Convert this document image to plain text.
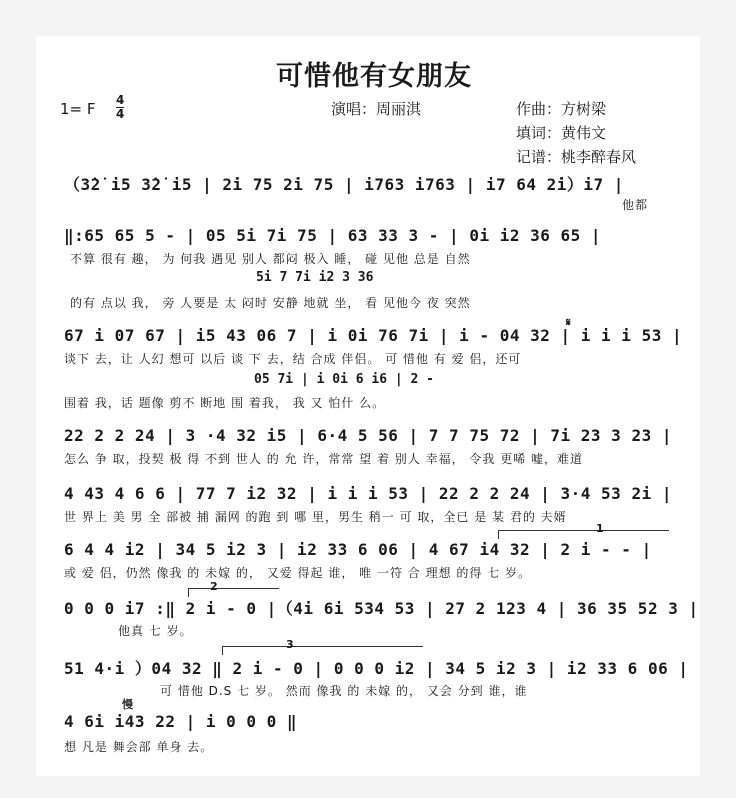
可惜他有女朋友
1= F $\frac{4}{4}$	演唱：周丽淇	作曲：方树梁
填词：黄伟文
记谱：桃李醉春风
（3̇2̇ i5 3̇2̇ i5 | 2̇i 75 2̇i 75 | i763 i763 | i7 64 2̇i）i7 |
他都
‖:65 65 5 - | 05 5i 7i 75 | 63 33 3 - | 0i i2 36 65 |
不算 很有 趣， 为 何我 遇见 别人 都闷 极入 睡， 碰 见他 总是 自然
5i 7 7i i2 3 36
的有 点以 我， 旁 人要是 太 闷时 安静 地就 坐， 看 见他今 夜 突然
𝄋
67 i 07 67 | i5 43 06 7 | i 0i 76 7i | i - 04 32 | i i i 53 |
谈下 去，让 人幻 想可 以后 谈 下 去，结 合成 伴侣。 可 惜他 有 爱 侣，还可
05 7i | i 0i 6 i6 | 2 -
围着 我，话 题像 剪不 断地 围 着我， 我 又 怕什 么。
22 2 2 24 | 3 ·4 32 i5 | 6·4 5 56 | 7 7 75 72 | 7i 23 3 23 |
怎么 争 取，投契 极 得 不到 世人 的 允 许，常常 望 着 别人 幸福， 令我 更唏 嘘，难道
4 43 4 6 6 | 77 7 i2 32 | i i i 53 | 22 2 2 24 | 3·4 53 2i |
世 界上 美 男 全 部被 捕 漏网 的跑 到 哪 里，男生 稍一 可 取，全已 是 某 君的 夫婿
1
6 4 4 i2 | 34 5 i2 3 | i2 33 6 06 | 4 67 i4 32 | 2 i - - |
或 爱 侣，仍然 像我 的 未嫁 的， 又爱 得起 谁， 唯 一符 合 理想 的得 七 岁。
2
0 0 0 i7 :‖ 2 i - 0 |（4i 6i 534 53 | 27 2 123 4 | 36 35 52 3 |
他真 七 岁。
3
51 4·i ）04 32 ‖ 2 i - 0 | 0 0 0 i2 | 34 5 i2 3 | i2 33 6 06 |
可 惜他 D.S 七 岁。 然而 像我 的 未嫁 的， 又会 分到 谁，谁
慢
4 6i i43 22 | i 0 0 0 ‖
想 凡是 舞会部 单身 去。
